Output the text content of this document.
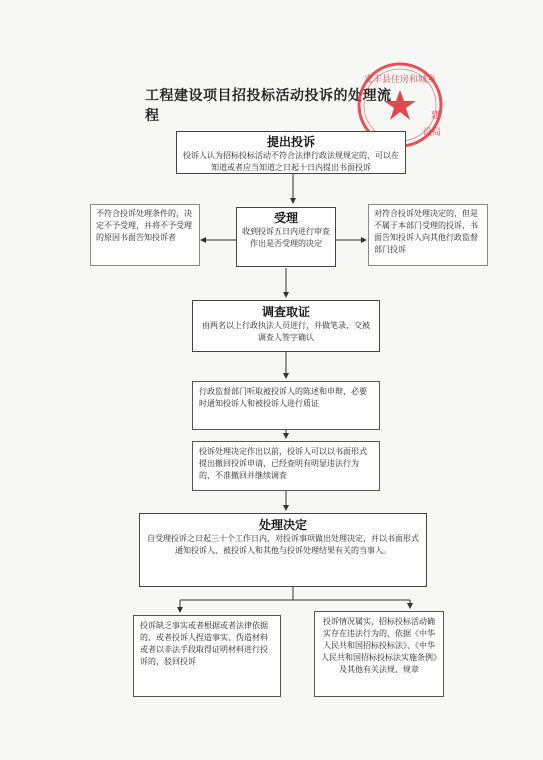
工程建设项目招投标活动投诉的处理流程
安丰县住房和城乡
建
设局
提出投诉
投诉人认为招标投标活动不符合法律行政法规规定的，可以在知道或者应当知道之日起十日内提出书面投诉
受理
收到投诉五日内进行审查作出是否受理的决定
不符合投诉处理条件的，决定不予受理，并将不予受理的原因书面告知投诉者
对符合投诉处理决定的，但是不属于本部门受理的投诉，书面告知投诉人向其他行政监督部门投诉
调查取证
由两名以上行政执法人员进行，并做笔录，交被调查人签字确认
行政监督部门听取被投诉人的陈述和申辩，必要时通知投诉人和被投诉人进行质证
投诉处理决定作出以前，投诉人可以以书面形式提出撤回投诉申请，已经查明有明显违法行为的，不准撤回并继续调查
处理决定
自受理投诉之日起三十个工作日内，对投诉事项做出处理决定，并以书面形式通知投诉人、被投诉人和其他与投诉处理结果有关的当事人。
投诉缺乏事实或者根据或者法律依据的，或者投诉人捏造事实、伪造材料或者以非法手段取得证明材料进行投诉的，驳回投诉
投诉情况属实，招标投标活动确实存在违法行为的，依据《中华人民共和国招标投标法》、《中华人民共和国招标投标法实施条例》及其他有关法规、规章
